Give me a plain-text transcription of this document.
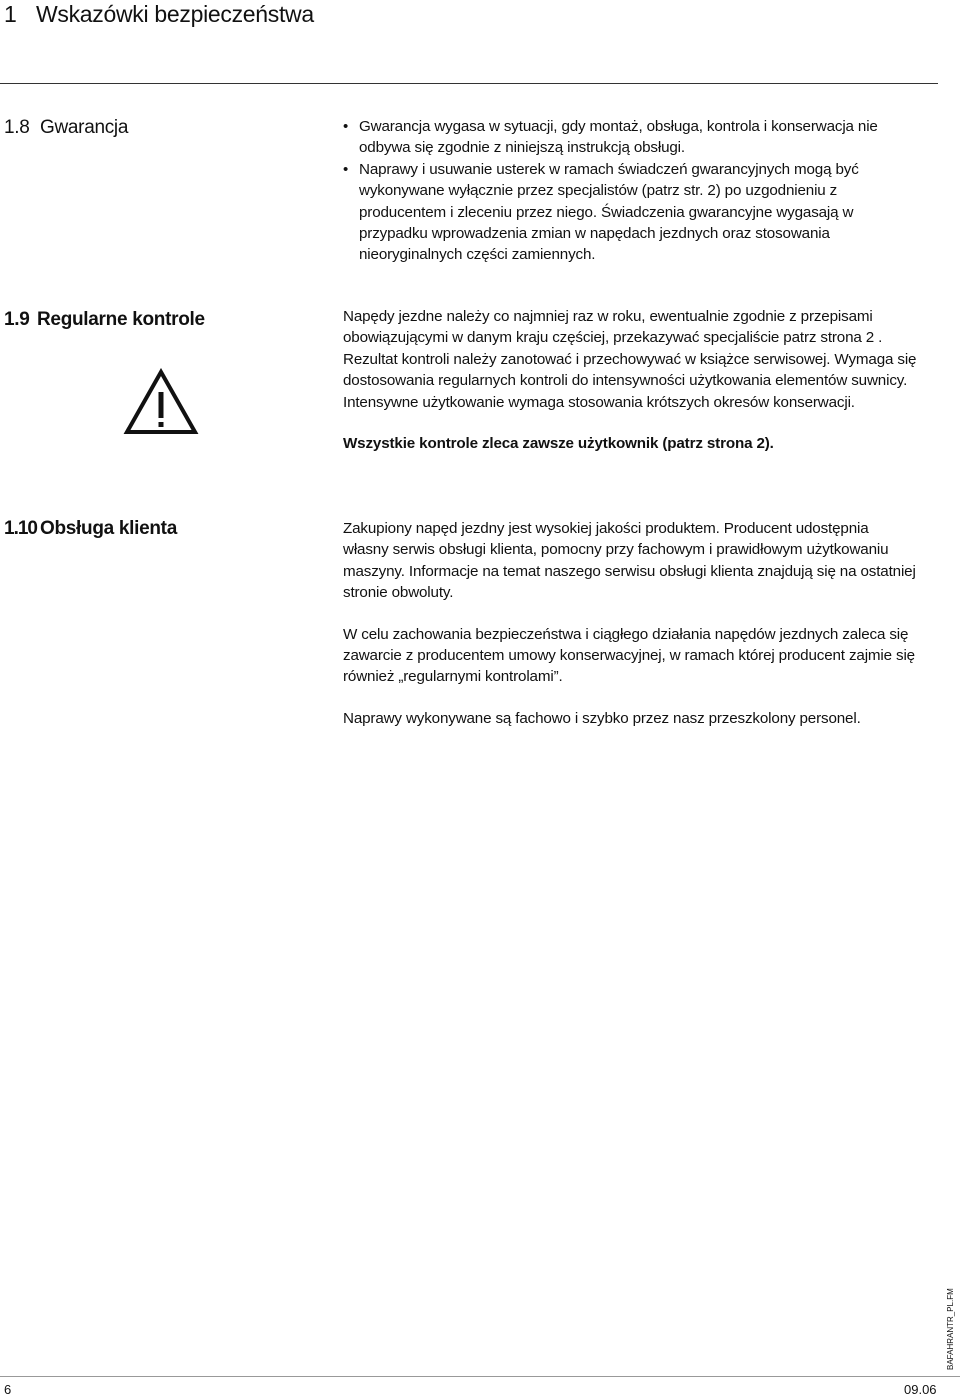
1 Wskazówki bezpieczeństwa
1.8 Gwarancja
•	Gwarancja wygasa w sytuacji, gdy montaż, obsługa, kontrola i konserwacja nie odbywa się zgodnie z niniejszą instrukcją obsługi.
• Naprawy i usuwanie usterek w ramach świadczeń gwarancyjnych mogą być wykonywane wyłącznie przez specjalistów (patrz str. 2) po uzgodnieniu z producentem i zleceniu przez niego. Świadczenia gwarancyjne wygasają w przypadku wprowadzenia zmian w napędach jezdnych oraz stosowania nieoryginalnych części zamiennych.
1.9 Regularne kontrole	Napędy jezdne należy co najmniej raz w roku, ewentualnie zgodnie z przepisami obowiązującymi w danym kraju częściej, przekazywać specjaliście patrz strona 2 . Rezultat kontroli należy zanotować i przechowywać w książce serwisowej. Wymaga się dostosowania regularnych kontroli do intensywności użytkowania elementów suwnicy. Intensywne użytkowanie wymaga stosowania krótszych okresów konserwacji.

Wszystkie kontrole zleca zawsze użytkownik (patrz strona 2).

1.10 Obsługa klienta	Zakupiony napęd jezdny jest wysokiej jakości produktem. Producent udostępnia własny serwis obsługi klienta, pomocny przy fachowym i prawidłowym użytkowaniu maszyny. Informacje na temat naszego serwisu obsługi klienta znajdują się na ostatniej stronie obwoluty.

W celu zachowania bezpieczeństwa i ciągłego działania napędów jezdnych zaleca się zawarcie z producentem umowy konserwacyjnej, w ramach której producent zajmie się również „regularnymi kontrolami”.

Naprawy wykonywane są fachowo i szybko przez nasz przeszkolony personel.

6	09.06
BAFAHRANTR_PL.FM
